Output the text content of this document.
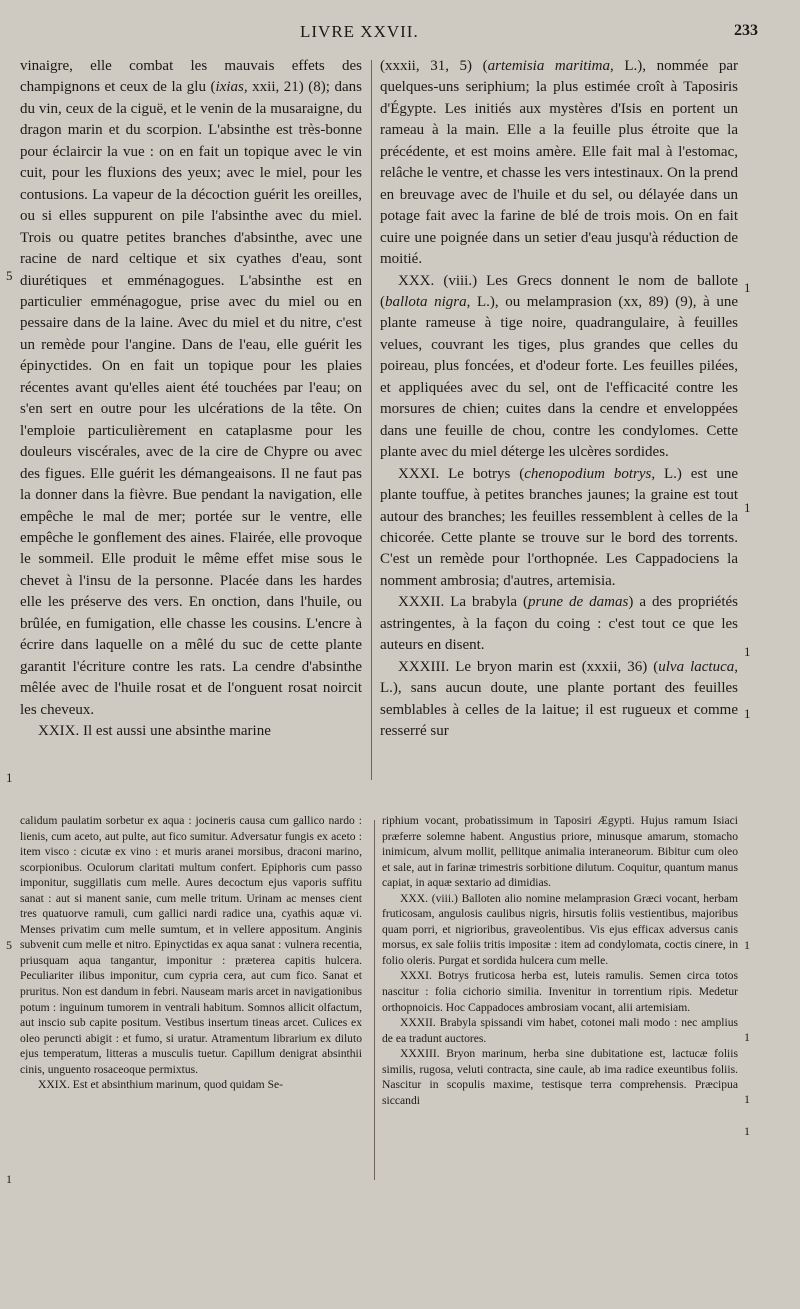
LIVRE XXVII.	233

vinaigre, elle combat les mauvais effets des champignons et ceux de la glu (ixias, xxii, 21) (8); dans du vin, ceux de la ciguë, et le venin de la musaraigne, du dragon marin et du scorpion. L'absinthe est très-bonne pour éclaircir la vue : on en fait un topique avec le vin cuit, pour les fluxions des yeux; avec le miel, pour les contusions. La vapeur de la décoction guérit les oreilles, ou si elles suppurent on pile l'absinthe avec du miel. Trois ou quatre petites branches d'absinthe, avec une racine de nard celtique et six cyathes d'eau, sont diurétiques et emménagogues. L'absinthe est en particulier emménagogue, prise avec du miel ou en pessaire dans de la laine. Avec du miel et du nitre, c'est un remède pour l'angine. Dans de l'eau, elle guérit les épinyctides. On en fait un topique pour les plaies récentes avant qu'elles aient été touchées par l'eau; on s'en sert en outre pour les ulcérations de la tête. On l'emploie particulièrement en cataplasme pour les douleurs viscérales, avec de la cire de Chypre ou avec des figues. Elle guérit les démangeaisons. Il ne faut pas la donner dans la fièvre. Bue pendant la navigation, elle empêche le mal de mer; portée sur le ventre, elle empêche le gonflement des aines. Flairée, elle provoque le sommeil. Elle produit le même effet mise sous le chevet à l'insu de la personne. Placée dans les hardes elle les préserve des vers. En onction, dans l'huile, ou brûlée, en fumigation, elle chasse les cousins. L'encre à écrire dans laquelle on a mêlé du suc de cette plante garantit l'écriture contre les rats. La cendre d'absinthe mêlée avec de l'huile rosat et de l'onguent rosat noircit les cheveux.

XXIX. Il est aussi une absinthe marine

(xxxii, 31, 5) (artemisia maritima, L.), nommée par quelques-uns seriphium; la plus estimée croît à Taposiris d'Égypte. Les initiés aux mystères d'Isis en portent un rameau à la main. Elle a la feuille plus étroite que la précédente, et est moins amère. Elle fait mal à l'estomac, relâche le ventre, et chasse les vers intestinaux. On la prend en breuvage avec de l'huile et du sel, ou délayée dans un potage fait avec la farine de blé de trois mois. On en fait cuire une poignée dans un setier d'eau jusqu'à réduction de moitié.

XXX. (viii.) Les Grecs donnent le nom de ballote (ballota nigra, L.), ou melamprasion (xx, 89) (9), à une plante rameuse à tige noire, quadrangulaire, à feuilles velues, couvrant les tiges, plus grandes que celles du poireau, plus foncées, et d'odeur forte. Les feuilles pilées, et appliquées avec du sel, ont de l'efficacité contre les morsures de chien; cuites dans la cendre et enveloppées dans une feuille de chou, contre les condylomes. Cette plante avec du miel déterge les ulcères sordides.

XXXI. Le botrys (chenopodium botrys, L.) est une plante touffue, à petites branches jaunes; la graine est tout autour des branches; les feuilles ressemblent à celles de la chicorée. Cette plante se trouve sur le bord des torrents. C'est un remède pour l'orthopnée. Les Cappadociens la nomment ambrosia; d'autres, artemisia.

XXXII. La brabyla (prune de damas) a des propriétés astringentes, à la façon du coing : c'est tout ce que les auteurs en disent.

XXXIII. Le bryon marin est (xxxii, 36) (ulva lactuca, L.), sans aucun doute, une plante portant des feuilles semblables à celles de la laitue; il est rugueux et comme resserré sur

calidum paulatim sorbetur ex aqua : jocineris causa cum gallico nardo : lienis, cum aceto, aut pulte, aut fico sumitur. Adversatur fungis ex aceto : item visco : cicutæ ex vino : et muris aranei morsibus, draconi marino, scorpionibus. Oculorum claritati multum confert. Epiphoris cum passo imponitur, suggillatis cum melle. Aures decoctum ejus vaporis suffitu sanat : aut si manent sanie, cum melle tritum. Urinam ac menses cient tres quatuorve ramuli, cum gallici nardi radice una, cyathis aquæ vi. Menses privatim cum melle sumtum, et in vellere appositum. Anginis subvenit cum melle et nitro. Epinyctidas ex aqua sanat : vulnera recentia, priusquam aqua tangantur, imponitur : præterea capitis hulcera. Peculiariter ilibus imponitur, cum cypria cera, aut cum fico. Sanat et pruritus. Non est dandum in febri. Nauseam maris arcet in navigationibus potum : inguinum tumorem in ventrali habitum. Somnos allicit olfactum, aut inscio sub capite positum. Vestibus insertum tineas arcet. Culices ex oleo peruncti abigit : et fumo, si uratur. Atramentum librarium ex diluto ejus temperatum, litteras a musculis tuetur. Capillum denigrat absinthii cinis, unguento rosaceoque permixtus.

XXIX. Est et absinthium marinum, quod quidam Se-

riphium vocant, probatissimum in Taposiri Ægypti. Hujus ramum Isiaci præferre solemne habent. Angustius priore, minusque amarum, stomacho inimicum, alvum mollit, pellitque animalia interaneorum. Bibitur cum oleo et sale, aut in farinæ trimestris sorbitione dilutum. Coquitur, quantum manus capiat, in aquæ sextario ad dimidias.

XXX. (viii.) Balloten alio nomine melamprasion Græci vocant, herbam fruticosam, angulosis caulibus nigris, hirsutis foliis vestientibus, majoribus quam porri, et nigrioribus, graveolentibus. Vis ejus efficax adversus canis morsus, ex sale foliis tritis impositæ : item ad condylomata, coctis cinere, in folio oleris. Purgat et sordida hulcera cum melle.

XXXI. Botrys fruticosa herba est, luteis ramulis. Semen circa totos nascitur : folia cichorio similia. Invenitur in torrentium ripis. Medetur orthopnoicis. Hoc Cappadoces ambrosiam vocant, alii artemisiam.

XXXII. Brabyla spissandi vim habet, cotonei mali modo : nec amplius de ea tradunt auctores.

XXXIII. Bryon marinum, herba sine dubitatione est, lactucæ foliis similis, rugosa, veluti contracta, sine caule, ab ima radice exeuntibus foliis. Nascitur in scopulis maxime, testisque terra comprehensis. Præcipua siccandi

5
1
1
1
1
1
5
1
1
1
1
1
